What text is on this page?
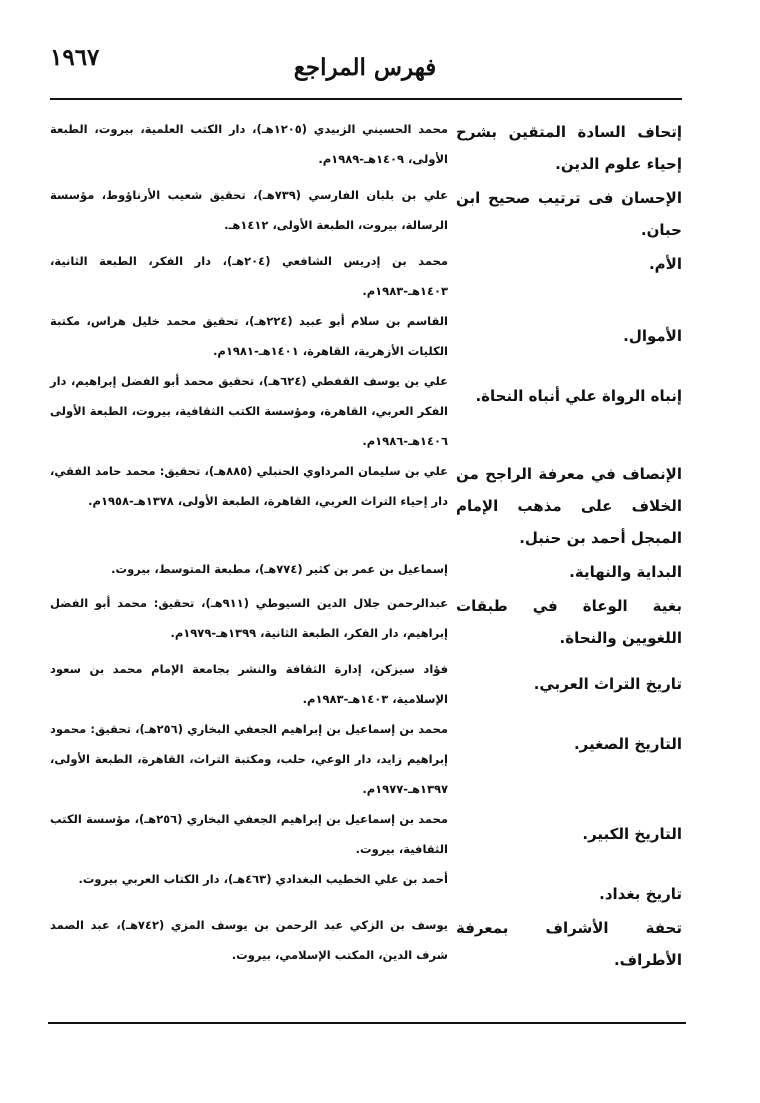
١٩٦٧	فهرس المراجع
إتحاف السادة المتقين بشرح إحياء علوم الدين.
محمد الحسيني الزبيدي (١٢٠٥هـ)، دار الكتب العلمية، بيروت، الطبعة الأولى، ١٤٠٩هـ-١٩٨٩م.
الإحسان فى ترتيب صحيح ابن حبان.
علي بن بلبان الفارسي (٧٣٩هـ)، تحقيق شعيب الأرناؤوط، مؤسسة الرسالة، بيروت، الطبعة الأولى، ١٤١٢هـ.
الأم.
محمد بن إدريس الشافعي (٢٠٤هـ)، دار الفكر، الطبعة الثانية، ١٤٠٣هـ-١٩٨٣م.
الأموال.
القاسم بن سلام أبو عبيد (٢٢٤هـ)، تحقيق محمد خليل هراس، مكتبة الكليات الأزهرية، القاهرة، ١٤٠١هـ-١٩٨١م.
إنباه الرواة علي أنباه النحاة.
علي بن يوسف القفطي (٦٢٤هـ)، تحقيق محمد أبو الفضل إبراهيم، دار الفكر العربي، القاهرة، ومؤسسة الكتب الثقافية، بيروت، الطبعة الأولى ١٤٠٦هـ-١٩٨٦م.
الإنصاف في معرفة الراجح من الخلاف على مذهب الإمام المبجل أحمد بن حنبل.
علي بن سليمان المرداوي الحنبلي (٨٨٥هـ)، تحقيق: محمد حامد الفقي، دار إحياء التراث العربي، القاهرة، الطبعة الأولى، ١٣٧٨هـ-١٩٥٨م.
البداية والنهاية.
إسماعيل بن عمر بن كثير (٧٧٤هـ)، مطبعة المتوسط، بيروت.
بغية الوعاة في طبقات اللغويين والنحاة.
عبدالرحمن جلال الدين السيوطي (٩١١هـ)، تحقيق: محمد أبو الفضل إبراهيم، دار الفكر، الطبعة الثانية، ١٣٩٩هـ-١٩٧٩م.
تاريخ التراث العربي.
فؤاد سيزكن، إدارة الثقافة والنشر بجامعة الإمام محمد بن سعود الإسلامية، ١٤٠٣هـ-١٩٨٣م.
التاريخ الصغير.
محمد بن إسماعيل بن إبراهيم الجعفي البخاري (٢٥٦هـ)، تحقيق: محمود إبراهيم زايد، دار الوعي، حلب، ومكتبة التراث، القاهرة، الطبعة الأولى، ١٣٩٧هـ-١٩٧٧م.
التاريخ الكبير.
محمد بن إسماعيل بن إبراهيم الجعفي البخاري (٢٥٦هـ)، مؤسسة الكتب الثقافية، بيروت.
تاريخ بغداد.
أحمد بن علي الخطيب البغدادي (٤٦٣هـ)، دار الكتاب العربي بيروت.
تحفة الأشراف بمعرفة الأطراف.
يوسف بن الزكي عبد الرحمن بن يوسف المزي (٧٤٢هـ)، عبد الصمد شرف الدين، المكتب الإسلامي، بيروت.
